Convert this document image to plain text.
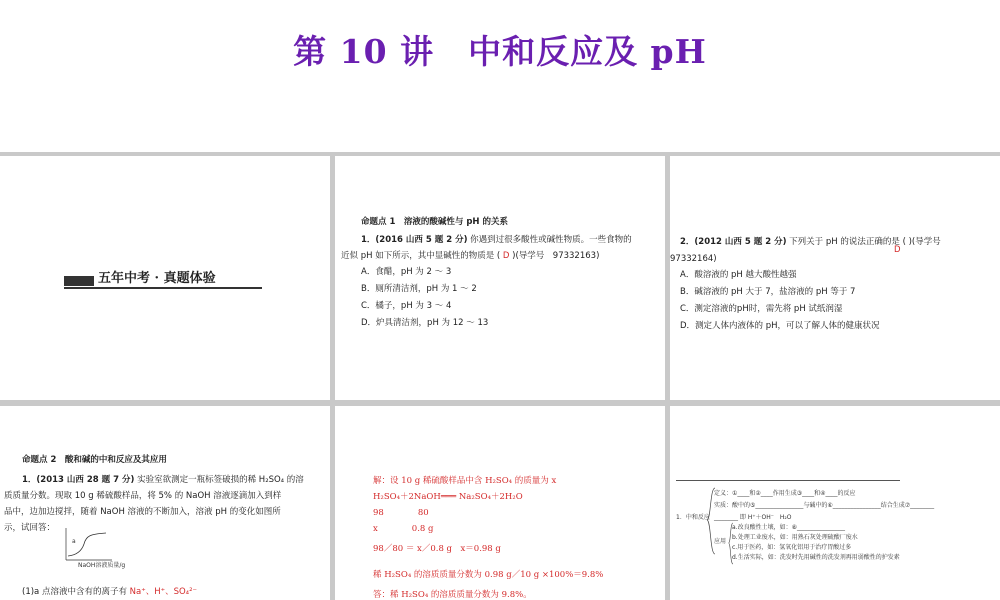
第 10 讲　中和反应及 pH
五年中考 · 真题体验
命题点 1　溶液的酸碱性与 pH 的关系
1．(2016 山西 5 题 2 分) 你遇到过很多酸性或碱性物质。一些食物的
近似 pH 如下所示，其中显碱性的物质是 ( D )(导学号　97332163)
A．食醋，pH 为 2 ～ 3
B．厕所清洁剂，pH 为 1 ～ 2
C．橘子，pH 为 3 ～ 4
D．炉具清洁剂，pH 为 12 ～ 13
2．(2012 山西 5 题 2 分) 下列关于 pH 的说法正确的是 ( )(导学号
D
97332164)
A．酸溶液的 pH 越大酸性越强
B．碱溶液的 pH 大于 7，盐溶液的 pH 等于 7
C．测定溶液的pH时，需先将 pH 试纸润湿
D．测定人体内液体的 pH，可以了解人体的健康状况
命题点 2　酸和碱的中和反应及其应用
1．(2013 山西 28 题 7 分) 实验室欲测定一瓶标签破损的稀 H₂SO₄ 的溶
质质量分数。现取 10 g 稀硫酸样品，将 5% 的 NaOH 溶液逐滴加入到样
品中，边加边搅拌，随着 NaOH 溶液的不断加入，溶液 pH 的变化如图所
示，试回答：
a
NaOH溶液质量/g
(1)a 点溶液中含有的离子有 Na⁺、H⁺、SO₄²⁻
解：设 10 g 稀硫酸样品中含 H₂SO₄ 的质量为 x
H₂SO₄＋2NaOH═══ Na₂SO₄＋2H₂O
98　　　　80
x　　　　0.8 g
98／80 ＝ x／0.8 g　x＝0.98 g
稀 H₂SO₄ 的溶质质量分数为 0.98 g／10 g ×100%＝9.8%
答：稀 H₂SO₄ 的溶质质量分数为 9.8%。
1．中和反应
定义：①____和②____作用生成③____和④____的反应
实质：酸中的⑤________________与碱中的⑥________________结合生成⑦________
________ 即 H⁺＋OH⁻　H₂O
应用
a.改良酸性土壤，如：⑧________________
b.处理工业废水，如：用熟石灰处理硫酸厂废水
c.用于医药，如：氢氧化铝用于治疗胃酸过多
d.生活实际，如：洗发时先用碱性的洗发剂再用弱酸性的护发素
